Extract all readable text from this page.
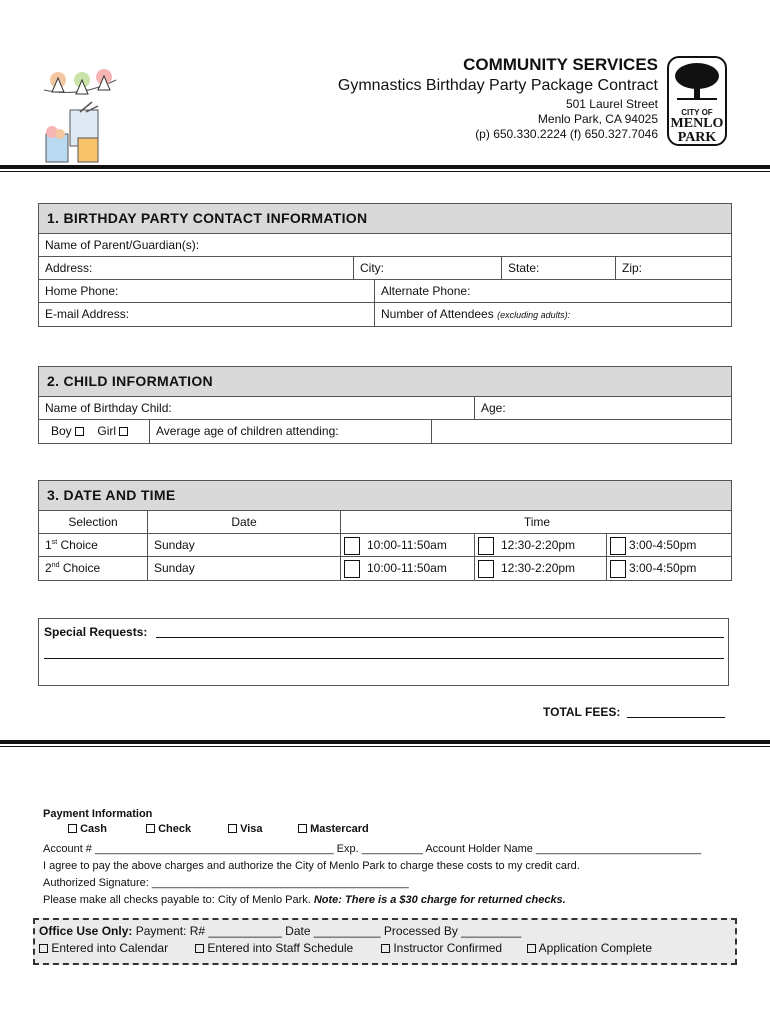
COMMUNITY SERVICES
Gymnastics Birthday Party Package Contract
501 Laurel Street
Menlo Park, CA 94025
(p) 650.330.2224 (f) 650.327.7046
CITY OF
MENLO
PARK
1. BIRTHDAY PARTY CONTACT INFORMATION
Name of Parent/Guardian(s):
Address:	City:	State:	Zip:
Home Phone:	Alternate Phone:
E-mail Address:	Number of Attendees (excluding adults):
2. CHILD INFORMATION
Name of Birthday Child:	Age:
Boy Girl	Average age of children attending:
3. DATE AND TIME
Selection	Date	Time
1st Choice	Sunday	10:00-11:50am	12:30-2:20pm	3:00-4:50pm
2nd Choice	Sunday	10:00-11:50am	12:30-2:20pm	3:00-4:50pm
Special Requests:
TOTAL FEES:
Payment Information
Cash	Check	Visa	Mastercard
Account # _______________________________________ Exp. __________ Account Holder Name ___________________________
I agree to pay the above charges and authorize the City of Menlo Park to charge these costs to my credit card.
Authorized Signature: __________________________________________
Please make all checks payable to: City of Menlo Park. Note: There is a $30 charge for returned checks.
Office Use Only: Payment: R# ___________ Date __________ Processed By _________
Entered into Calendar	Entered into Staff Schedule	Instructor Confirmed	Application Complete
